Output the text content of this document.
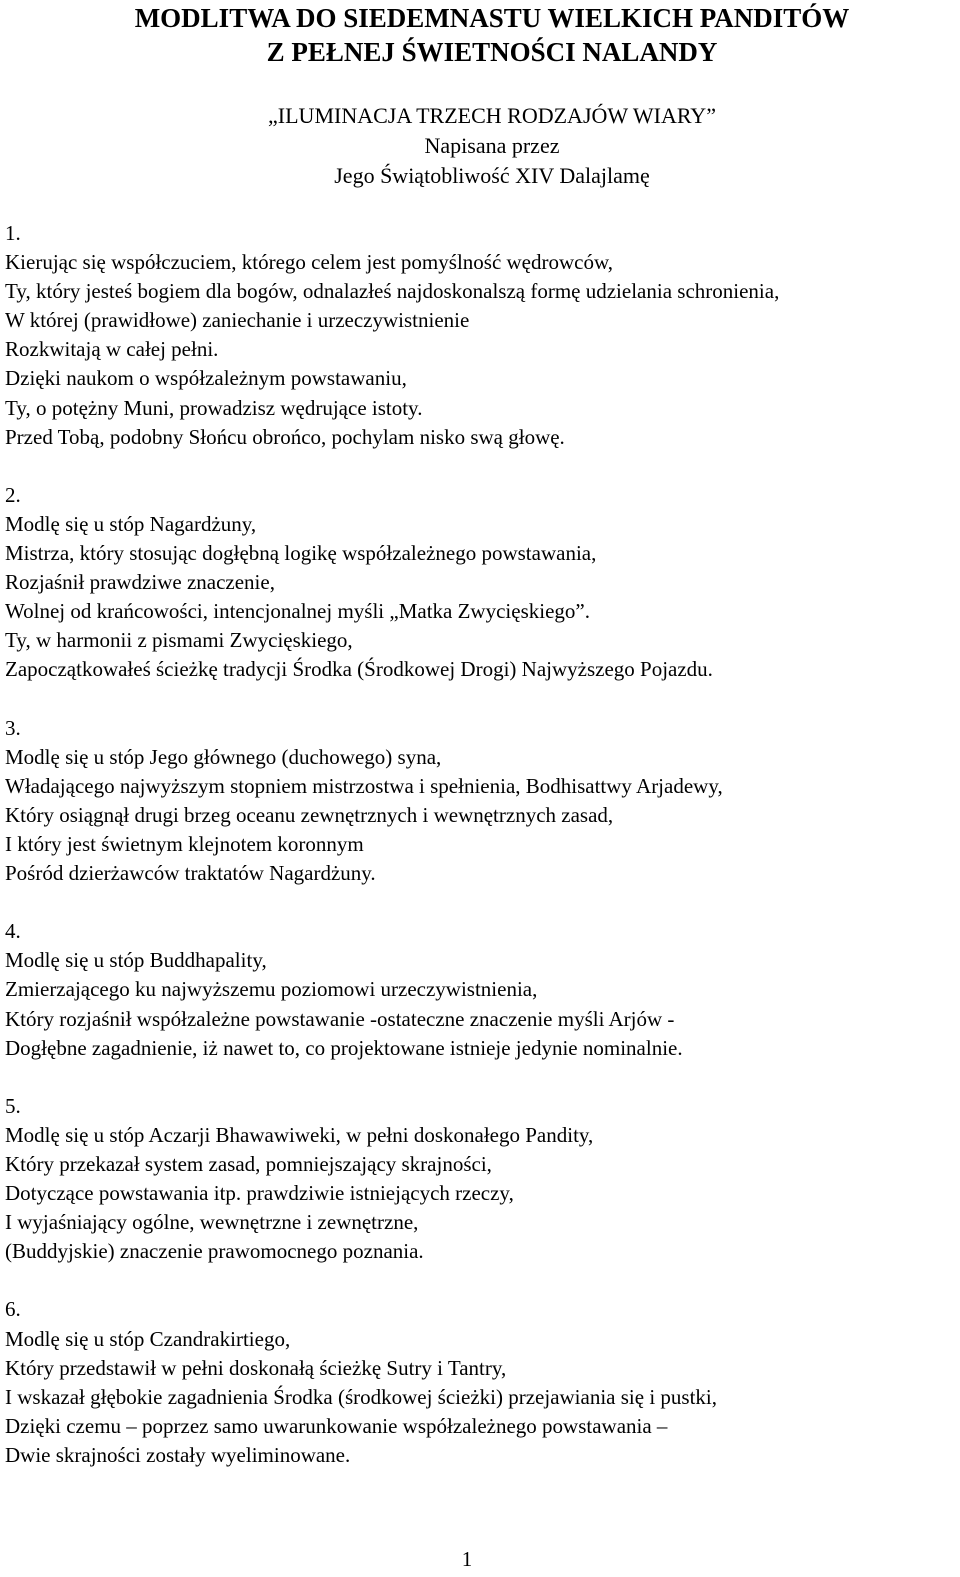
MODLITWA DO SIEDEMNASTU WIELKICH PANDITÓW
Z PEŁNEJ ŚWIETNOŚCI NALANDY
„ILUMINACJA TRZECH RODZAJÓW WIARY”
Napisana przez
Jego Świątobliwość XIV Dalajlamę
1.
Kierując się współczuciem, którego celem jest pomyślność wędrowców,
Ty, który jesteś bogiem dla bogów, odnalazłeś najdoskonalszą formę udzielania schronienia,
W której (prawidłowe) zaniechanie i urzeczywistnienie
Rozkwitają w całej pełni.
Dzięki naukom o współzależnym powstawaniu,
Ty, o potężny Muni, prowadzisz wędrujące istoty.
Przed Tobą, podobny Słońcu obrońco, pochylam nisko swą głowę.
2.
Modlę się u stóp Nagardżuny,
Mistrza, który stosując dogłębną logikę współzależnego powstawania,
Rozjaśnił prawdziwe znaczenie,
Wolnej od krańcowości, intencjonalnej myśli „Matka Zwycięskiego”.
Ty, w harmonii z pismami Zwycięskiego,
Zapoczątkowałeś ścieżkę tradycji Środka (Środkowej Drogi) Najwyższego Pojazdu.
3.
Modlę się u stóp Jego głównego (duchowego) syna,
Władającego najwyższym stopniem mistrzostwa i spełnienia, Bodhisattwy Arjadewy,
Który osiągnął drugi brzeg oceanu zewnętrznych i wewnętrznych zasad,
I który jest świetnym klejnotem koronnym
Pośród dzierżawców traktatów Nagardżuny.
4.
Modlę się u stóp Buddhapality,
Zmierzającego ku najwyższemu poziomowi urzeczywistnienia,
Który rozjaśnił współzależne powstawanie -ostateczne znaczenie myśli Arjów -
Dogłębne zagadnienie, iż nawet to, co projektowane istnieje jedynie nominalnie.
5.
Modlę się u stóp Aczarji Bhawawiweki, w pełni doskonałego Pandity,
Który przekazał system zasad, pomniejszający skrajności,
Dotyczące powstawania itp. prawdziwie istniejących rzeczy,
I wyjaśniający ogólne, wewnętrzne i zewnętrzne,
(Buddyjskie) znaczenie prawomocnego poznania.
6.
Modlę się u stóp Czandrakirtiego,
Który przedstawił w pełni doskonałą ścieżkę Sutry i Tantry,
I wskazał głębokie zagadnienia Środka (środkowej ścieżki) przejawiania się i pustki,
Dzięki czemu – poprzez samo uwarunkowanie współzależnego powstawania –
Dwie skrajności zostały wyeliminowane.
1
